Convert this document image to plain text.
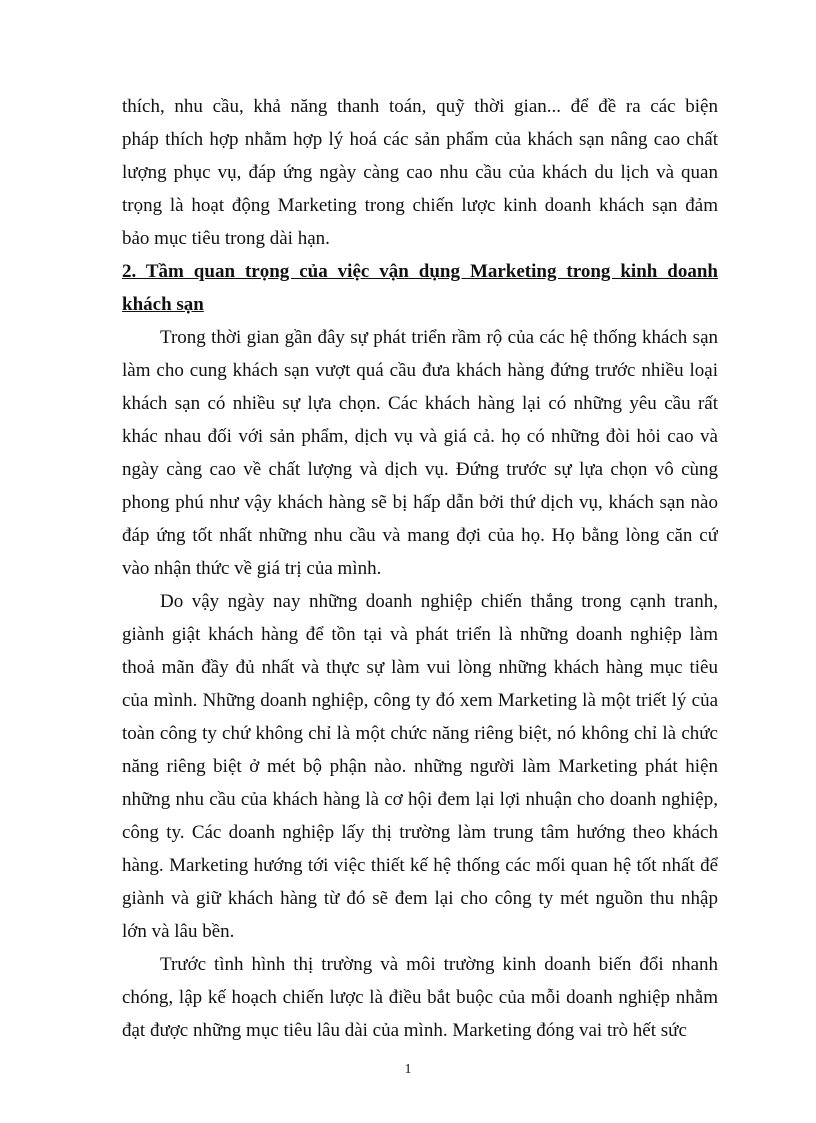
thích, nhu cầu, khả năng thanh toán, quỹ thời gian... để đề ra các biện
pháp thích hợp nhằm hợp lý hoá các sản phẩm của khách sạn nâng cao chất
lượng phục vụ, đáp ứng ngày càng cao nhu cầu của khách du lịch và quan
trọng là hoạt động Marketing trong chiến lược kinh doanh khách sạn đảm
bảo mục tiêu trong dài hạn.
2. Tầm quan trọng của việc vận dụng Marketing trong kinh doanh
khách sạn
Trong thời gian gần đây sự phát triển rầm rộ của các hệ thống khách sạn
làm cho cung khách sạn vượt quá cầu đưa khách hàng đứng trước nhiều loại
khách sạn có nhiều sự lựa chọn. Các khách hàng lại có những yêu cầu rất
khác nhau đối với sản phẩm, dịch vụ và giá cả. họ có những đòi hỏi cao và
ngày càng cao về chất lượng và dịch vụ. Đứng trước sự lựa chọn vô cùng
phong phú như vậy khách hàng sẽ bị hấp dẫn bởi thứ dịch vụ, khách sạn nào
đáp ứng tốt nhất những nhu cầu và mang đợi của họ. Họ bằng lòng căn cứ
vào nhận thức về giá trị của mình.
Do vậy ngày nay những doanh nghiệp chiến thắng trong cạnh tranh,
giành giật khách hàng để tồn tại và phát triển là những doanh nghiệp làm
thoả mãn đầy đủ nhất và thực sự làm vui lòng những khách hàng mục tiêu
của mình. Những doanh nghiệp, công ty đó xem Marketing là một triết lý của
toàn công ty chứ không chỉ là một chức năng riêng biệt, nó không chỉ là chức
năng riêng biệt ở mét bộ phận nào. những người làm Marketing phát hiện
những nhu cầu của khách hàng là cơ hội đem lại lợi nhuận cho doanh nghiệp,
công ty. Các doanh nghiệp lấy thị trường làm trung tâm hướng theo khách
hàng. Marketing hướng tới việc thiết kế hệ thống các mối quan hệ tốt nhất để
giành và giữ khách hàng từ đó sẽ đem lại cho công ty mét nguồn thu nhập
lớn và lâu bền.
Trước tình hình thị trường và môi trường kinh doanh biến đổi nhanh
chóng, lập kế hoạch chiến lược là điều bắt buộc của mỗi doanh nghiệp nhằm
đạt được những mục tiêu lâu dài của mình. Marketing đóng vai trò hết sức
1
